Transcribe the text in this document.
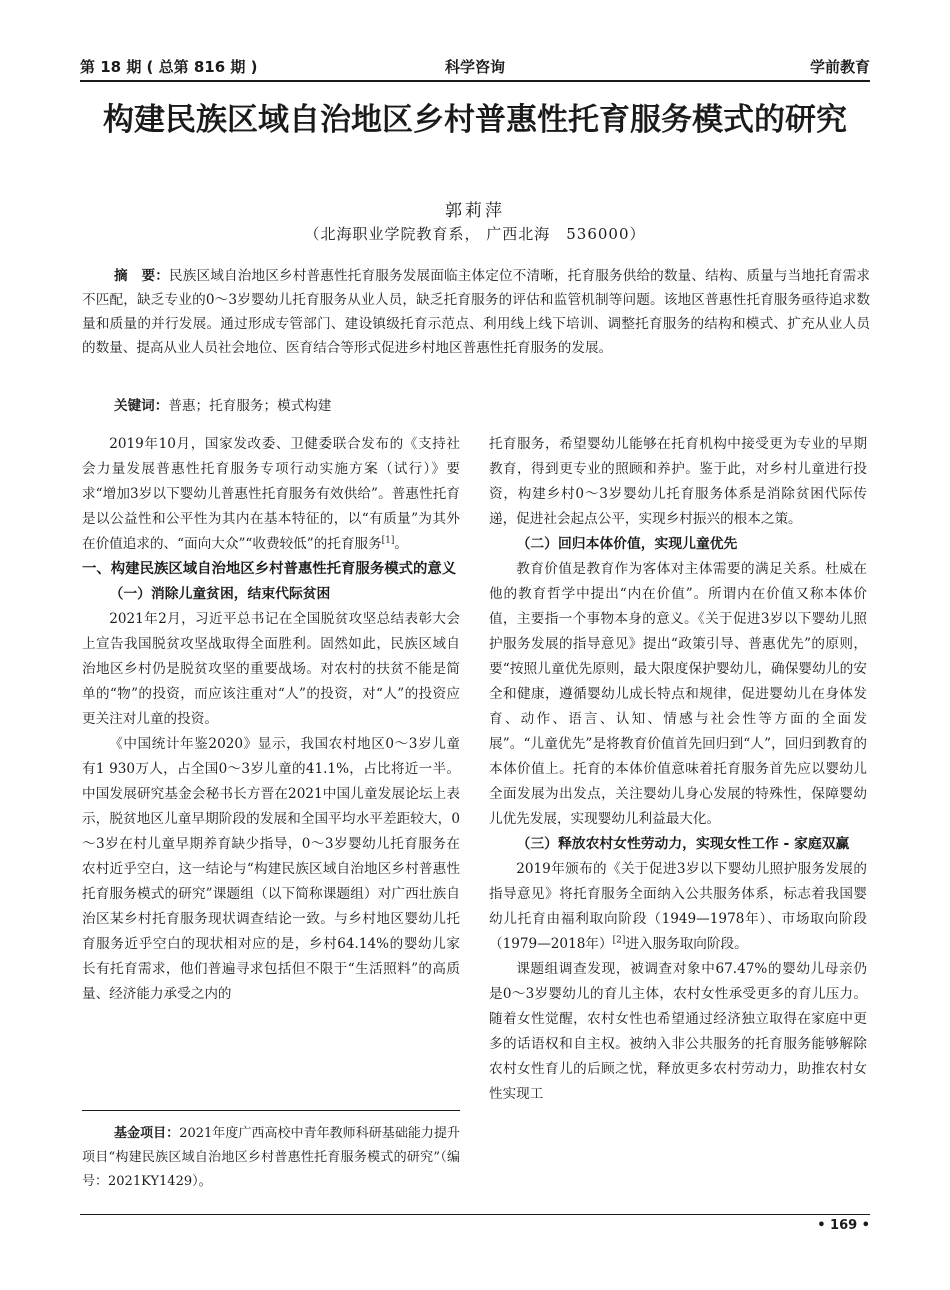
第 18 期 ( 总第 816 期 )	科学咨询	学前教育
构建民族区域自治地区乡村普惠性托育服务模式的研究
郭莉萍
（北海职业学院教育系， 广西北海　536000）
摘　要：民族区域自治地区乡村普惠性托育服务发展面临主体定位不清晰，托育服务供给的数量、结构、质量与当地托育需求不匹配，缺乏专业的0～3岁婴幼儿托育服务从业人员，缺乏托育服务的评估和监管机制等问题。该地区普惠性托育服务亟待追求数量和质量的并行发展。通过形成专管部门、建设镇级托育示范点、利用线上线下培训、调整托育服务的结构和模式、扩充从业人员的数量、提高从业人员社会地位、医育结合等形式促进乡村地区普惠性托育服务的发展。
关键词：普惠；托育服务；模式构建

2019年10月，国家发改委、卫健委联合发布的《支持社会力量发展普惠性托育服务专项行动实施方案（试行）》要求“增加3岁以下婴幼儿普惠性托育服务有效供给”。普惠性托育是以公益性和公平性为其内在基本特征的，以“有质量”为其外在价值追求的、“面向大众”“收费较低”的托育服务[1]。

一、构建民族区域自治地区乡村普惠性托育服务模式的意义
（一）消除儿童贫困，结束代际贫困

2021年2月，习近平总书记在全国脱贫攻坚总结表彰大会上宣告我国脱贫攻坚战取得全面胜利。固然如此，民族区域自治地区乡村仍是脱贫攻坚的重要战场。对农村的扶贫不能是简单的“物”的投资，而应该注重对“人”的投资，对“人”的投资应更关注对儿童的投资。

《中国统计年鉴2020》显示，我国农村地区0～3岁儿童有1 930万人，占全国0～3岁儿童的41.1%，占比将近一半。中国发展研究基金会秘书长方晋在2021中国儿童发展论坛上表示，脱贫地区儿童早期阶段的发展和全国平均水平差距较大，0～3岁在村儿童早期养育缺少指导，0～3岁婴幼儿托育服务在农村近乎空白，这一结论与“构建民族区域自治地区乡村普惠性托育服务模式的研究”课题组（以下简称课题组）对广西壮族自治区某乡村托育服务现状调查结论一致。与乡村地区婴幼儿托育服务近乎空白的现状相对应的是，乡村64.14%的婴幼儿家长有托育需求，他们普遍寻求包括但不限于“生活照料”的高质量、经济能力承受之内的

基金项目：2021年度广西高校中青年教师科研基础能力提升项目“构建民族区域自治地区乡村普惠性托育服务模式的研究”（编号：2021KY1429）。

托育服务，希望婴幼儿能够在托育机构中接受更为专业的早期教育，得到更专业的照顾和养护。鉴于此，对乡村儿童进行投资，构建乡村0～3岁婴幼儿托育服务体系是消除贫困代际传递，促进社会起点公平，实现乡村振兴的根本之策。

（二）回归本体价值，实现儿童优先

教育价值是教育作为客体对主体需要的满足关系。杜威在他的教育哲学中提出“内在价值”。所谓内在价值又称本体价值，主要指一个事物本身的意义。《关于促进3岁以下婴幼儿照护服务发展的指导意见》提出“政策引导、普惠优先”的原则，要“按照儿童优先原则，最大限度保护婴幼儿，确保婴幼儿的安全和健康，遵循婴幼儿成长特点和规律，促进婴幼儿在身体发育、动作、语言、认知、情感与社会性等方面的全面发展”。“儿童优先”是将教育价值首先回归到“人”，回归到教育的本体价值上。托育的本体价值意味着托育服务首先应以婴幼儿全面发展为出发点，关注婴幼儿身心发展的特殊性，保障婴幼儿优先发展，实现婴幼儿利益最大化。

（三）释放农村女性劳动力，实现女性工作 - 家庭双赢

2019年颁布的《关于促进3岁以下婴幼儿照护服务发展的指导意见》将托育服务全面纳入公共服务体系，标志着我国婴幼儿托育由福利取向阶段（1949—1978年）、市场取向阶段（1979—2018年）[2]进入服务取向阶段。

课题组调查发现，被调查对象中67.47%的婴幼儿母亲仍是0～3岁婴幼儿的育儿主体，农村女性承受更多的育儿压力。随着女性觉醒，农村女性也希望通过经济独立取得在家庭中更多的话语权和自主权。被纳入非公共服务的托育服务能够解除农村女性育儿的后顾之忧，释放更多农村劳动力，助推农村女性实现工

• 169 •
